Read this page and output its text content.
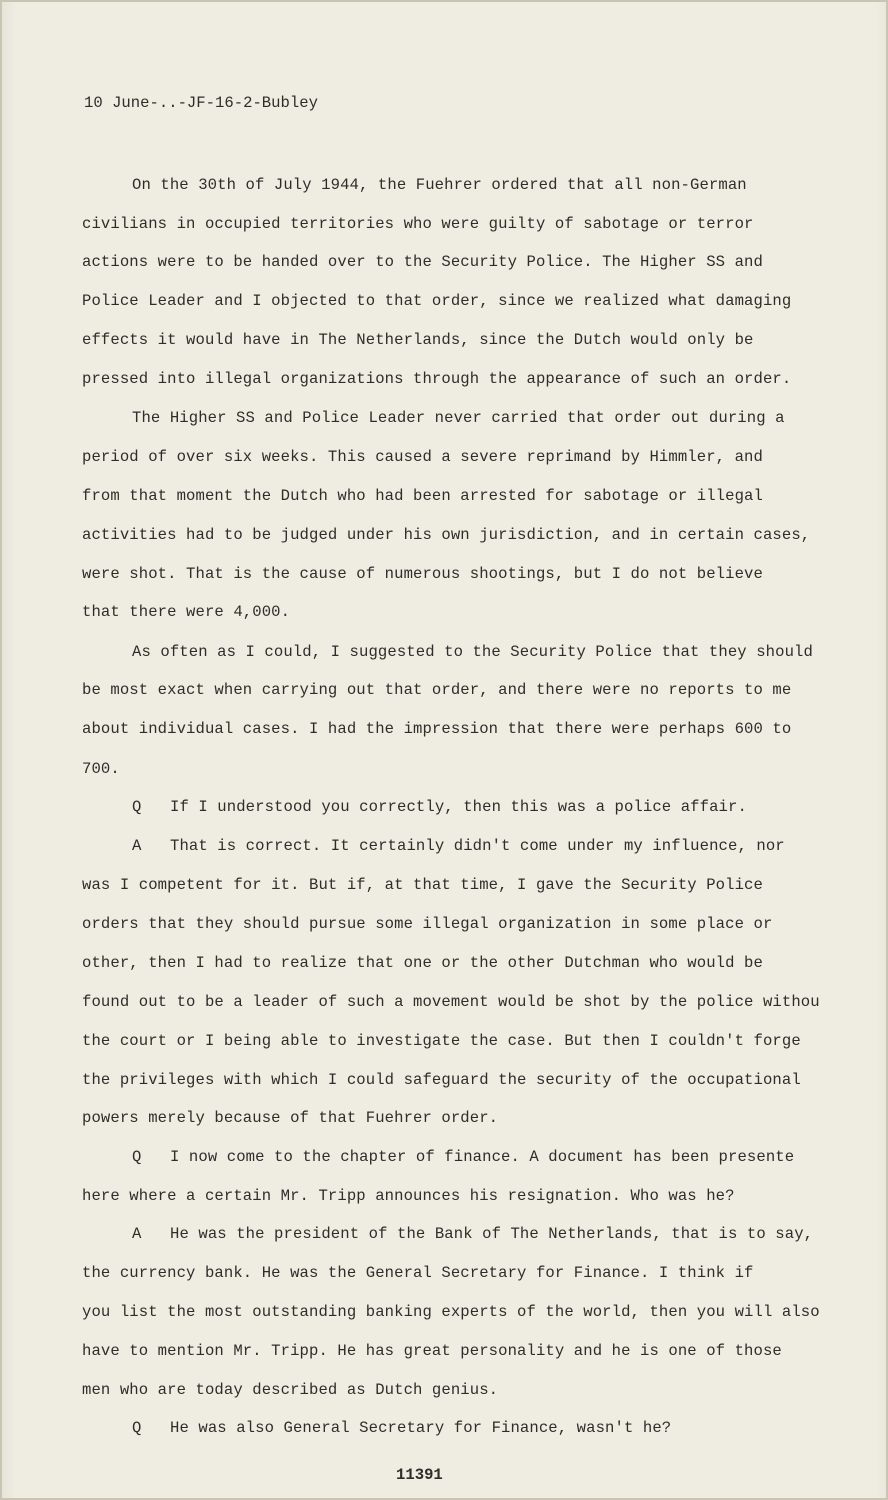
10 June-..-JF-16-2-Bubley

On the 30th of July 1944, the Fuehrer ordered that all non-German

civilians in occupied territories who were guilty of sabotage or terror

actions were to be handed over to the Security Police. The Higher SS and

Police Leader and I objected to that order, since we realized what damaging

effects it would have in The Netherlands, since the Dutch would only be

pressed into illegal organizations through the appearance of such an order.

The Higher SS and Police Leader never carried that order out during a

period of over six weeks. This caused a severe reprimand by Himmler, and

from that moment the Dutch who had been arrested for sabotage or illegal

activities had to be judged under his own jurisdiction, and in certain cases,

were shot. That is the cause of numerous shootings, but I do not believe

that there were 4,000.

As often as I could, I suggested to the Security Police that they should

be most exact when carrying out that order, and there were no reports to me

about individual cases. I had the impression that there were perhaps 600 to

700.

Q If I understood you correctly, then this was a police affair.

A That is correct. It certainly didn't come under my influence, nor

was I competent for it. But if, at that time, I gave the Security Police

orders that they should pursue some illegal organization in some place or

other, then I had to realize that one or the other Dutchman who would be

found out to be a leader of such a movement would be shot by the police withou

the court or I being able to investigate the case. But then I couldn't forge

the privileges with which I could safeguard the security of the occupational

powers merely because of that Fuehrer order.

Q I now come to the chapter of finance. A document has been presente

here where a certain Mr. Tripp announces his resignation. Who was he?

A He was the president of the Bank of The Netherlands, that is to say,

the currency bank. He was the General Secretary for Finance. I think if

you list the most outstanding banking experts of the world, then you will also

have to mention Mr. Tripp. He has great personality and he is one of those

men who are today described as Dutch genius.

Q He was also General Secretary for Finance, wasn't he?

11391
